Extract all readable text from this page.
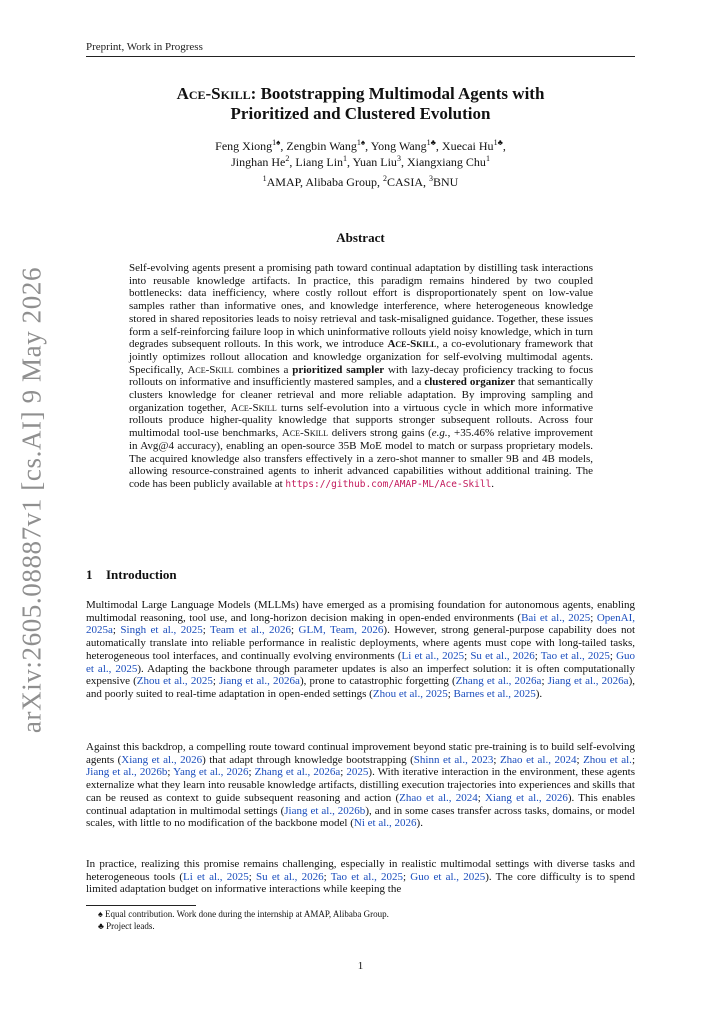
Preprint, Work in Progress
arXiv:2605.08887v1 [cs.AI] 9 May 2026
Ace-Skill: Bootstrapping Multimodal Agents with
Prioritized and Clustered Evolution
Feng Xiong$^{1♠}$, Zengbin Wang$^{1♠}$, Yong Wang$^{1♣}$, Xuecai $Hu^{1♣}$,
Jinghan He$^2$, Liang Lin$^1$, Yuan Liu$^3$, Xiangxiang Chu$^1$
$^1$AMAP, Alibaba Group, $^2$CASIA, $^3$BNU
Abstract
Self-evolving agents present a promising path toward continual adaptation by distilling task interactions into reusable knowledge artifacts. In practice, this paradigm remains hindered by two coupled bottlenecks: data inefficiency, where costly rollout effort is disproportionately spent on low-value samples rather than informative ones, and knowledge interference, where heterogeneous knowledge stored in shared repositories leads to noisy retrieval and task-misaligned guidance. Together, these issues form a self-reinforcing failure loop in which uninformative rollouts yield noisy knowledge, which in turn degrades subsequent rollouts. In this work, we introduce Ace-Skill, a co-evolutionary framework that jointly optimizes rollout allocation and knowledge organization for self-evolving multimodal agents. Specifically, Ace-Skill combines a prioritized sampler with lazy-decay proficiency tracking to focus rollouts on informative and insufficiently mastered samples, and a clustered organizer that semantically clusters knowledge for cleaner retrieval and more reliable adaptation. By improving sampling and organization together, Ace-Skill turns self-evolution into a virtuous cycle in which more informative rollouts produce higher-quality knowledge that supports stronger subsequent rollouts. Across four multimodal tool-use benchmarks, Ace-Skill delivers strong gains (e.g., +35.46% relative improvement in Avg@4 accuracy), enabling an open-source 35B MoE model to match or surpass proprietary models. The acquired knowledge also transfers effectively in a zero-shot manner to smaller 9B and 4B models, allowing resource-constrained agents to inherit advanced capabilities without additional training. The code has been publicly available at https://github.com/AMAP-ML/Ace-Skill.
1 Introduction

Multimodal Large Language Models (MLLMs) have emerged as a promising foundation for autonomous agents, enabling multimodal reasoning, tool use, and long-horizon decision making in open-ended environments (Bai et al., 2025; OpenAI, 2025a; Singh et al., 2025; Team et al., 2026; GLM, Team, 2026). However, strong general-purpose capability does not automatically translate into reliable performance in realistic deployments, where agents must cope with long-tailed tasks, heterogeneous tool interfaces, and continually evolving environments (Li et al., 2025; Su et al., 2026; Tao et al., 2025; Guo et al., 2025). Adapting the backbone through parameter updates is also an imperfect solution: it is often computationally expensive (Zhou et al., 2025; Jiang et al., 2026a), prone to catastrophic forgetting (Zhang et al., 2026a; Jiang et al., 2026a), and poorly suited to real-time adaptation in open-ended settings (Zhou et al., 2025; Barnes et al., 2025).

Against this backdrop, a compelling route toward continual improvement beyond static pre-training is to build self-evolving agents (Xiang et al., 2026) that adapt through knowledge bootstrapping (Shinn et al., 2023; Zhao et al., 2024; Zhou et al.; Jiang et al., 2026b; Yang et al., 2026; Zhang et al., 2026a; 2025). With iterative interaction in the environment, these agents externalize what they learn into reusable knowledge artifacts, distilling execution trajectories into experiences and skills that can be reused as context to guide subsequent reasoning and action (Zhao et al., 2024; Xiang et al., 2026). This enables continual adaptation in multimodal settings (Jiang et al., 2026b), and in some cases transfer across tasks, domains, or model scales, with little to no modification of the backbone model (Ni et al., 2026).

In practice, realizing this promise remains challenging, especially in realistic multimodal settings with diverse tasks and heterogeneous tools (Li et al., 2025; Su et al., 2026; Tao et al., 2025; Guo et al., 2025). The core difficulty is to spend limited adaptation budget on informative interactions while keeping the

♠ Equal contribution. Work done during the internship at AMAP, Alibaba Group.
♣ Project leads.
1
